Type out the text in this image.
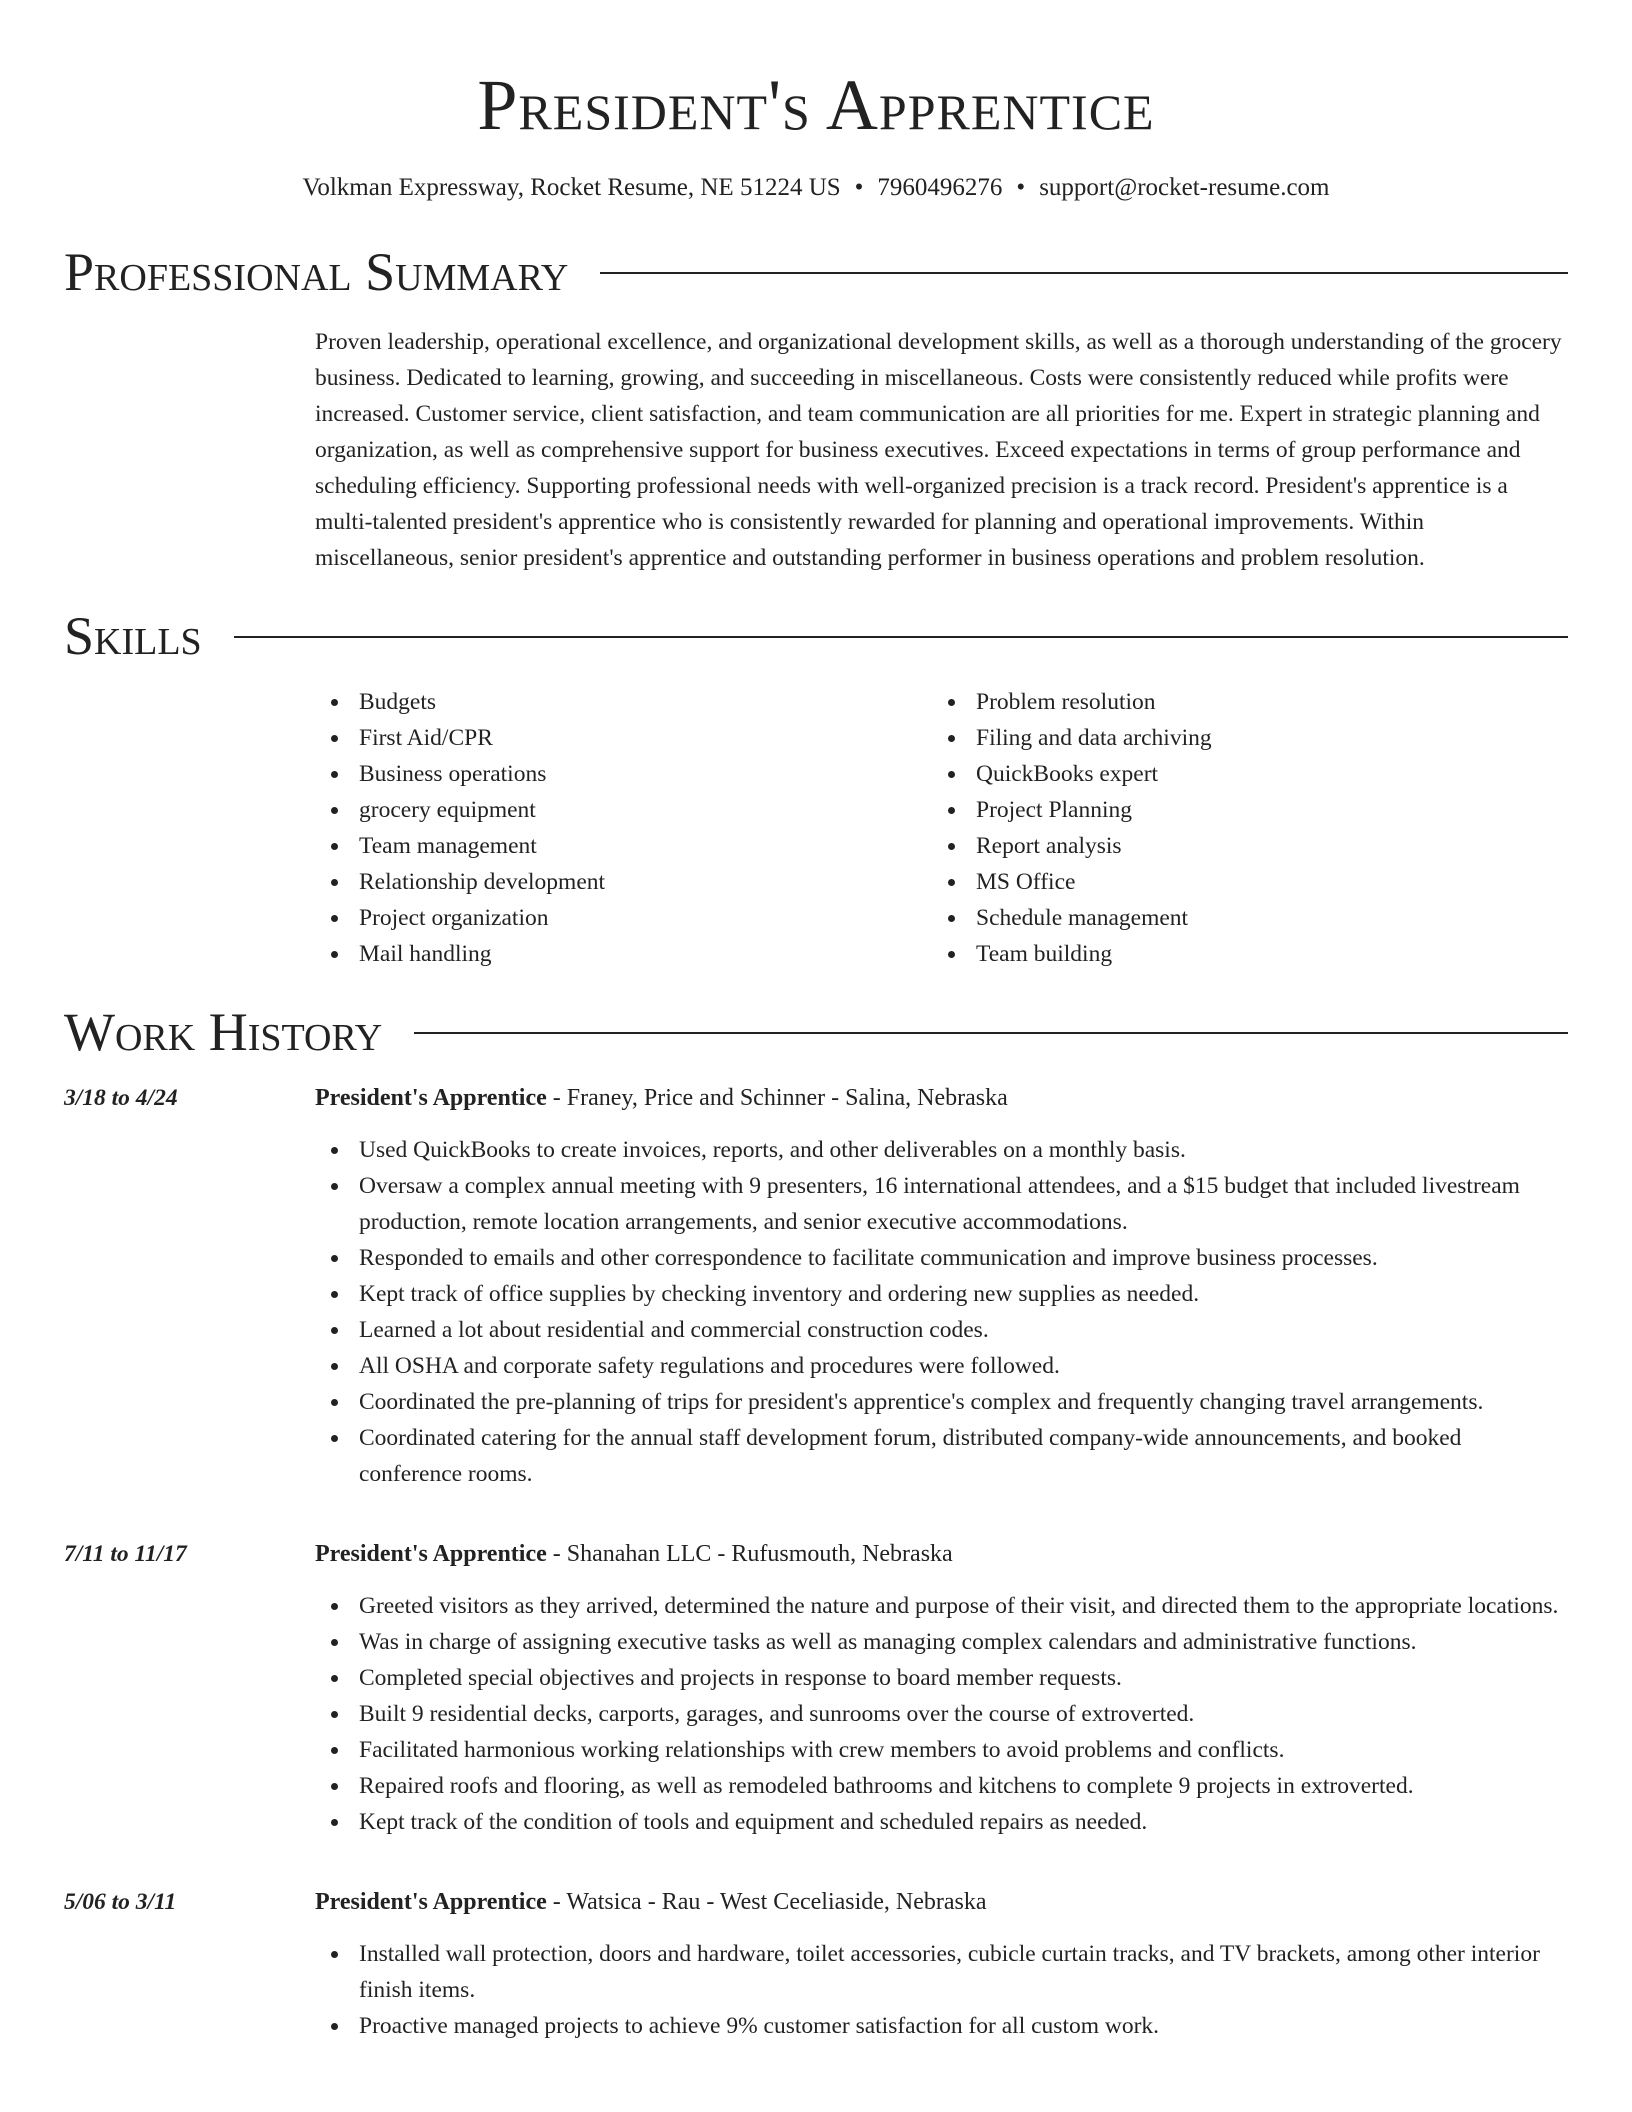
President's Apprentice
Volkman Expressway, Rocket Resume, NE 51224 US • 7960496276 • support@rocket-resume.com
Professional Summary
Proven leadership, operational excellence, and organizational development skills, as well as a thorough understanding of the grocery business. Dedicated to learning, growing, and succeeding in miscellaneous. Costs were consistently reduced while profits were increased. Customer service, client satisfaction, and team communication are all priorities for me. Expert in strategic planning and organization, as well as comprehensive support for business executives. Exceed expectations in terms of group performance and scheduling efficiency. Supporting professional needs with well-organized precision is a track record. President's apprentice is a multi-talented president's apprentice who is consistently rewarded for planning and operational improvements. Within miscellaneous, senior president's apprentice and outstanding performer in business operations and problem resolution.
Skills
Budgets
First Aid/CPR
Business operations
grocery equipment
Team management
Relationship development
Project organization
Mail handling
Problem resolution
Filing and data archiving
QuickBooks expert
Project Planning
Report analysis
MS Office
Schedule management
Team building
Work History
3/18 to 4/24	President's Apprentice - Franey, Price and Schinner - Salina, Nebraska
Used QuickBooks to create invoices, reports, and other deliverables on a monthly basis.
Oversaw a complex annual meeting with 9 presenters, 16 international attendees, and a $15 budget that included livestream production, remote location arrangements, and senior executive accommodations.
Responded to emails and other correspondence to facilitate communication and improve business processes.
Kept track of office supplies by checking inventory and ordering new supplies as needed.
Learned a lot about residential and commercial construction codes.
All OSHA and corporate safety regulations and procedures were followed.
Coordinated the pre-planning of trips for president's apprentice's complex and frequently changing travel arrangements.
Coordinated catering for the annual staff development forum, distributed company-wide announcements, and booked conference rooms.
7/11 to 11/17	President's Apprentice - Shanahan LLC - Rufusmouth, Nebraska
Greeted visitors as they arrived, determined the nature and purpose of their visit, and directed them to the appropriate locations.
Was in charge of assigning executive tasks as well as managing complex calendars and administrative functions.
Completed special objectives and projects in response to board member requests.
Built 9 residential decks, carports, garages, and sunrooms over the course of extroverted.
Facilitated harmonious working relationships with crew members to avoid problems and conflicts.
Repaired roofs and flooring, as well as remodeled bathrooms and kitchens to complete 9 projects in extroverted.
Kept track of the condition of tools and equipment and scheduled repairs as needed.
5/06 to 3/11	President's Apprentice - Watsica - Rau - West Ceceliaside, Nebraska
Installed wall protection, doors and hardware, toilet accessories, cubicle curtain tracks, and TV brackets, among other interior finish items.
Proactive managed projects to achieve 9% customer satisfaction for all custom work.
